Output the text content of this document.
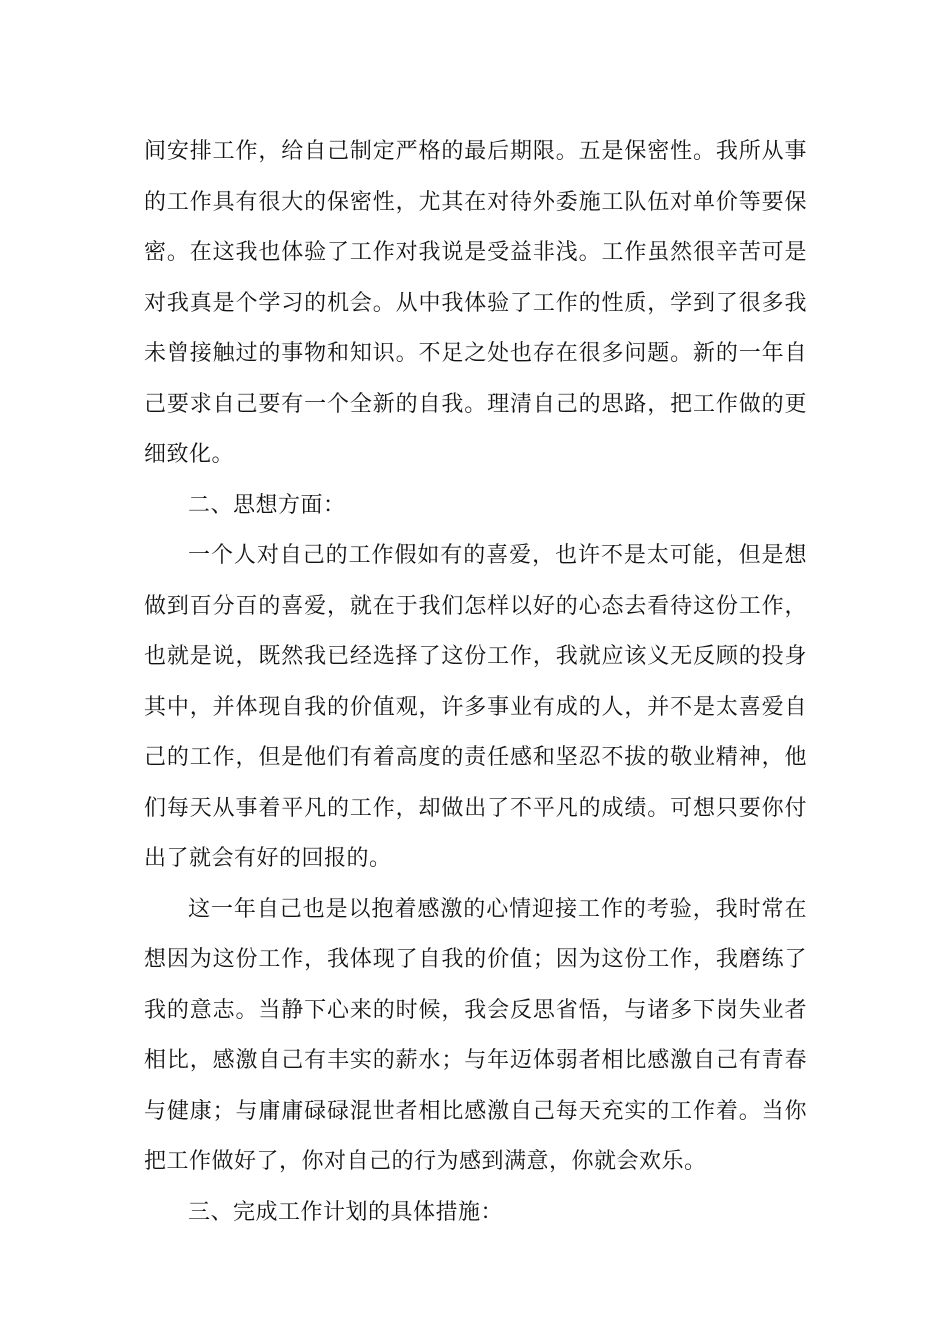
间安排工作，给自己制定严格的最后期限。五是保密性。我所从事的工作具有很大的保密性，尤其在对待外委施工队伍对单价等要保密。在这我也体验了工作对我说是受益非浅。工作虽然很辛苦可是对我真是个学习的机会。从中我体验了工作的性质，学到了很多我未曾接触过的事物和知识。不足之处也存在很多问题。新的一年自己要求自己要有一个全新的自我。理清自己的思路，把工作做的更细致化。

二、思想方面：

一个人对自己的工作假如有的喜爱，也许不是太可能，但是想做到百分百的喜爱，就在于我们怎样以好的心态去看待这份工作，也就是说，既然我已经选择了这份工作，我就应该义无反顾的投身其中，并体现自我的价值观，许多事业有成的人，并不是太喜爱自己的工作，但是他们有着高度的责任感和坚忍不拔的敬业精神，他们每天从事着平凡的工作，却做出了不平凡的成绩。可想只要你付出了就会有好的回报的。

这一年自己也是以抱着感激的心情迎接工作的考验，我时常在想因为这份工作，我体现了自我的价值；因为这份工作，我磨练了我的意志。当静下心来的时候，我会反思省悟，与诸多下岗失业者相比，感激自己有丰实的薪水；与年迈体弱者相比感激自己有青春与健康；与庸庸碌碌混世者相比感激自己每天充实的工作着。当你把工作做好了，你对自己的行为感到满意，你就会欢乐。

三、完成工作计划的具体措施：
